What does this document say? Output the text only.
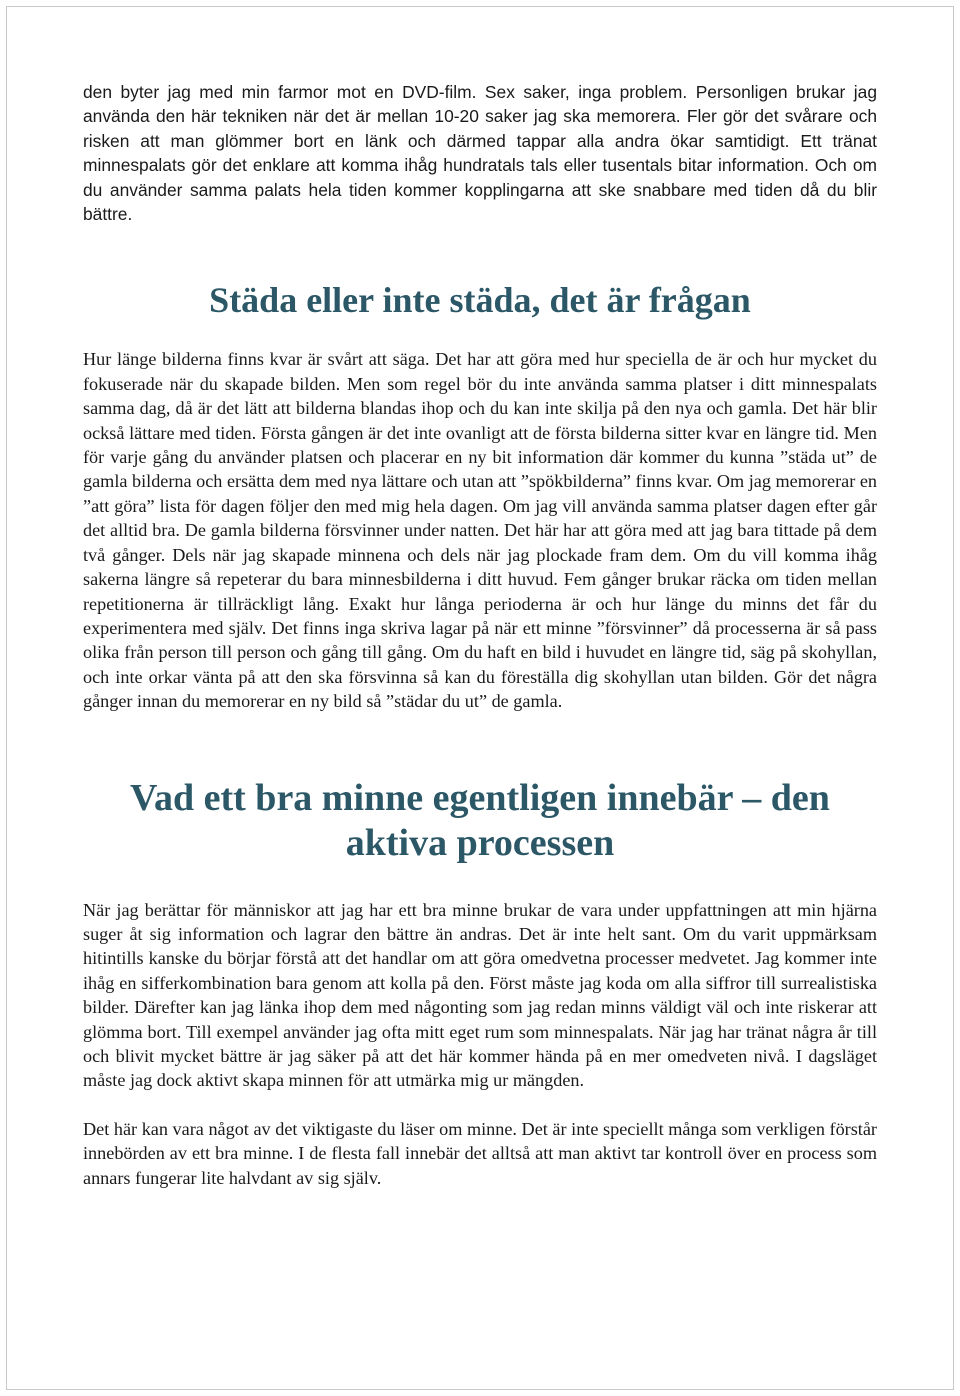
den byter jag med min farmor mot en DVD-film. Sex saker, inga problem. Personligen brukar jag använda den här tekniken när det är mellan 10-20 saker jag ska memorera. Fler gör det svårare och risken att man glömmer bort en länk och därmed tappar alla andra ökar samtidigt. Ett tränat minnespalats gör det enklare att komma ihåg hundratals tals eller tusentals bitar information. Och om du använder samma palats hela tiden kommer kopplingarna att ske snabbare med tiden då du blir bättre.

Städa eller inte städa, det är frågan

Hur länge bilderna finns kvar är svårt att säga. Det har att göra med hur speciella de är och hur mycket du fokuserade när du skapade bilden. Men som regel bör du inte använda samma platser i ditt minnespalats samma dag, då är det lätt att bilderna blandas ihop och du kan inte skilja på den nya och gamla. Det här blir också lättare med tiden. Första gången är det inte ovanligt att de första bilderna sitter kvar en längre tid. Men för varje gång du använder platsen och placerar en ny bit information där kommer du kunna ”städa ut” de gamla bilderna och ersätta dem med nya lättare och utan att ”spökbilderna” finns kvar. Om jag memorerar en ”att göra” lista för dagen följer den med mig hela dagen. Om jag vill använda samma platser dagen efter går det alltid bra. De gamla bilderna försvinner under natten. Det här har att göra med att jag bara tittade på dem två gånger. Dels när jag skapade minnena och dels när jag plockade fram dem. Om du vill komma ihåg sakerna längre så repeterar du bara minnesbilderna i ditt huvud. Fem gånger brukar räcka om tiden mellan repetitionerna är tillräckligt lång. Exakt hur långa perioderna är och hur länge du minns det får du experimentera med själv. Det finns inga skriva lagar på när ett minne ”försvinner” då processerna är så pass olika från person till person och gång till gång. Om du haft en bild i huvudet en längre tid, säg på skohyllan, och inte orkar vänta på att den ska försvinna så kan du föreställa dig skohyllan utan bilden. Gör det några gånger innan du memorerar en ny bild så ”städar du ut” de gamla.

Vad ett bra minne egentligen innebär – den aktiva processen

När jag berättar för människor att jag har ett bra minne brukar de vara under uppfattningen att min hjärna suger åt sig information och lagrar den bättre än andras. Det är inte helt sant. Om du varit uppmärksam hitintills kanske du börjar förstå att det handlar om att göra omedvetna processer medvetet. Jag kommer inte ihåg en sifferkombination bara genom att kolla på den. Först måste jag koda om alla siffror till surrealistiska bilder. Därefter kan jag länka ihop dem med någonting som jag redan minns väldigt väl och inte riskerar att glömma bort. Till exempel använder jag ofta mitt eget rum som minnespalats. När jag har tränat några år till och blivit mycket bättre är jag säker på att det här kommer hända på en mer omedveten nivå. I dagsläget måste jag dock aktivt skapa minnen för att utmärka mig ur mängden.

Det här kan vara något av det viktigaste du läser om minne. Det är inte speciellt många som verkligen förstår innebörden av ett bra minne. I de flesta fall innebär det alltså att man aktivt tar kontroll över en process som annars fungerar lite halvdant av sig själv.
